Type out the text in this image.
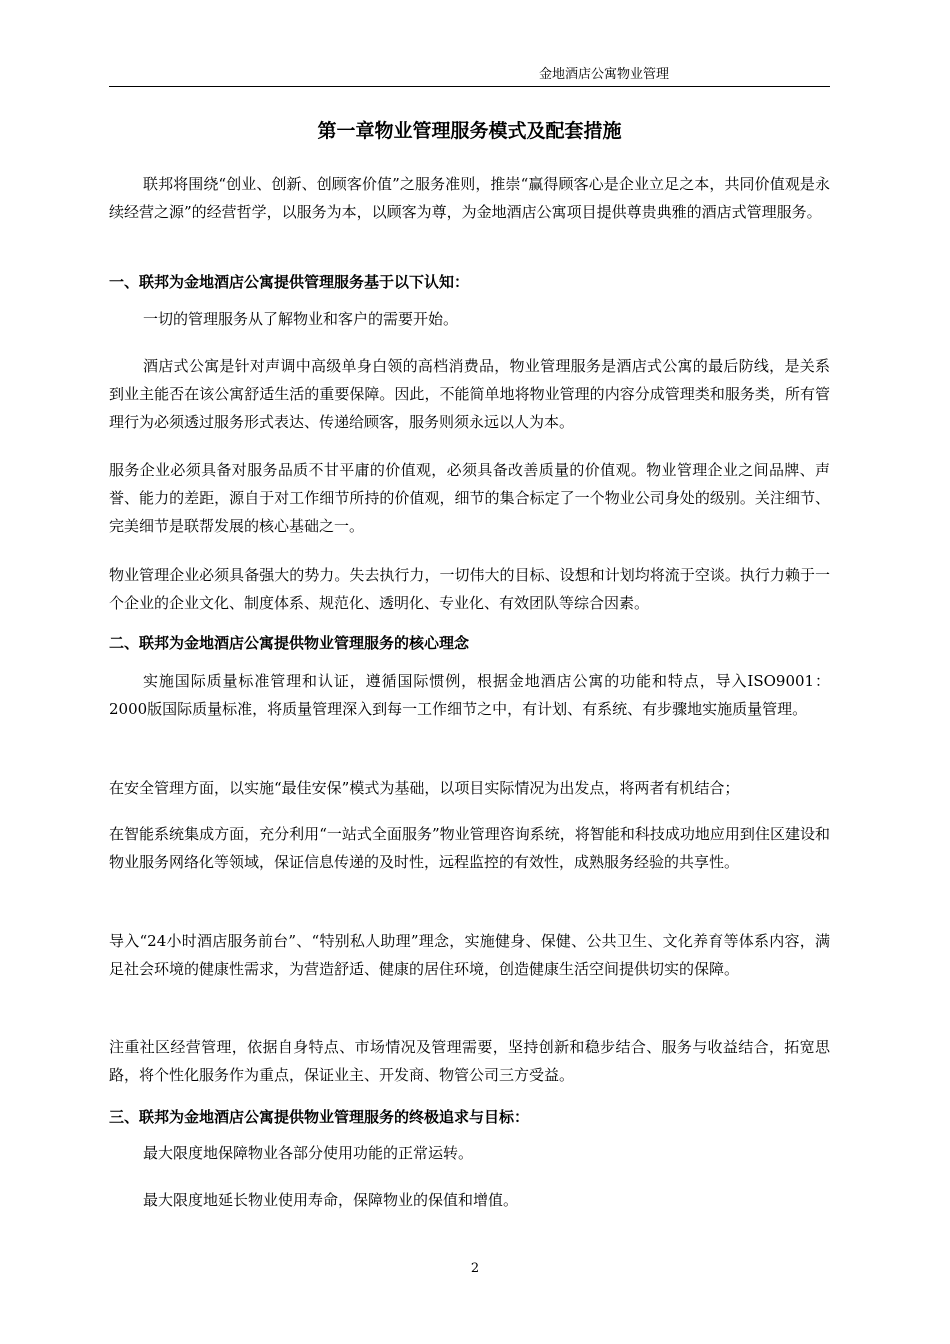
金地酒店公寓物业管理
第一章物业管理服务模式及配套措施
联邦将围绕“创业、创新、创顾客价值”之服务准则，推崇“赢得顾客心是企业立足之本，共同价值观是永续经营之源”的经营哲学，以服务为本，以顾客为尊，为金地酒店公寓项目提供尊贵典雅的酒店式管理服务。
一、联邦为金地酒店公寓提供管理服务基于以下认知：
一切的管理服务从了解物业和客户的需要开始。
酒店式公寓是针对声调中高级单身白领的高档消费品，物业管理服务是酒店式公寓的最后防线，是关系到业主能否在该公寓舒适生活的重要保障。因此，不能简单地将物业管理的内容分成管理类和服务类，所有管理行为必须透过服务形式表达、传递给顾客，服务则须永远以人为本。
服务企业必须具备对服务品质不甘平庸的价值观，必须具备改善质量的价值观。物业管理企业之间品牌、声誉、能力的差距，源自于对工作细节所持的价值观，细节的集合标定了一个物业公司身处的级别。关注细节、完美细节是联帮发展的核心基础之一。
物业管理企业必须具备强大的势力。失去执行力，一切伟大的目标、设想和计划均将流于空谈。执行力赖于一个企业的企业文化、制度体系、规范化、透明化、专业化、有效团队等综合因素。
二、联邦为金地酒店公寓提供物业管理服务的核心理念
实施国际质量标准管理和认证，遵循国际惯例，根据金地酒店公寓的功能和特点，导入ISO9001：2000版国际质量标准，将质量管理深入到每一工作细节之中，有计划、有系统、有步骤地实施质量管理。
在安全管理方面，以实施“最佳安保”模式为基础，以项目实际情况为出发点，将两者有机结合；
在智能系统集成方面，充分利用“一站式全面服务”物业管理咨询系统，将智能和科技成功地应用到住区建设和物业服务网络化等领域，保证信息传递的及时性，远程监控的有效性，成熟服务经验的共享性。
导入“24小时酒店服务前台”、“特别私人助理”理念，实施健身、保健、公共卫生、文化养育等体系内容，满足社会环境的健康性需求，为营造舒适、健康的居住环境，创造健康生活空间提供切实的保障。
注重社区经营管理，依据自身特点、市场情况及管理需要，坚持创新和稳步结合、服务与收益结合，拓宽思路，将个性化服务作为重点，保证业主、开发商、物管公司三方受益。
三、联邦为金地酒店公寓提供物业管理服务的终极追求与目标：
最大限度地保障物业各部分使用功能的正常运转。
最大限度地延长物业使用寿命，保障物业的保值和增值。
2
